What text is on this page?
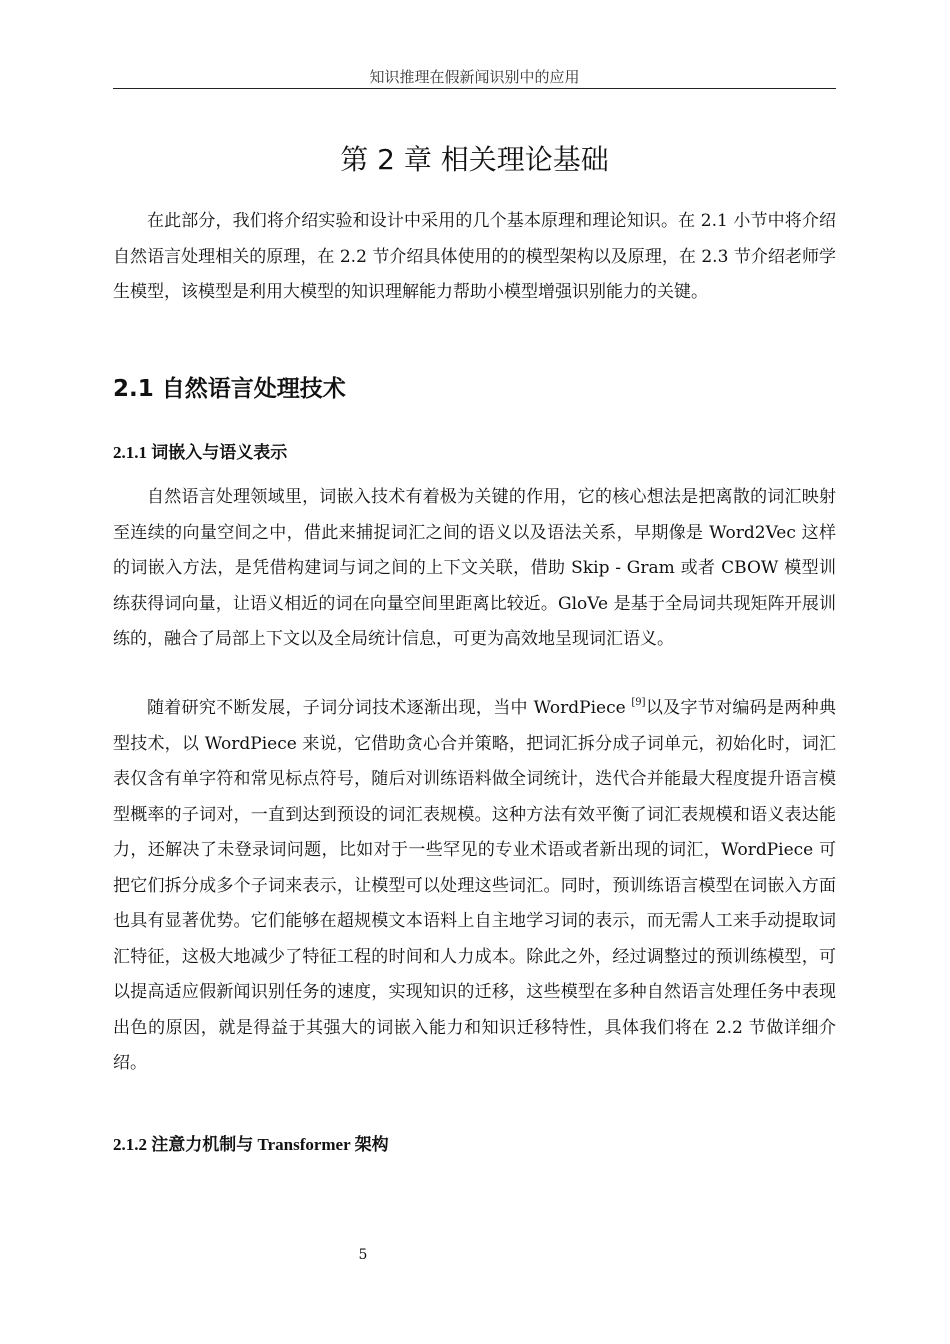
知识推理在假新闻识别中的应用
第 2 章 相关理论基础

在此部分，我们将介绍实验和设计中采用的几个基本原理和理论知识。在 2.1 小节中将介绍自然语言处理相关的原理，在 2.2 节介绍具体使用的的模型架构以及原理，在 2.3 节介绍老师学生模型，该模型是利用大模型的知识理解能力帮助小模型增强识别能力的关键。

2.1 自然语言处理技术
2.1.1 词嵌入与语义表示

自然语言处理领域里，词嵌入技术有着极为关键的作用，它的核心想法是把离散的词汇映射至连续的向量空间之中，借此来捕捉词汇之间的语义以及语法关系，早期像是 Word2Vec 这样的词嵌入方法，是凭借构建词与词之间的上下文关联，借助 Skip - Gram 或者 CBOW 模型训练获得词向量，让语义相近的词在向量空间里距离比较近。GloVe 是基于全局词共现矩阵开展训练的，融合了局部上下文以及全局统计信息，可更为高效地呈现词汇语义。

随着研究不断发展，子词分词技术逐渐出现，当中 WordPiece [9]以及字节对编码是两种典型技术，以 WordPiece 来说，它借助贪心合并策略，把词汇拆分成子词单元，初始化时，词汇表仅含有单字符和常见标点符号，随后对训练语料做全词统计，迭代合并能最大程度提升语言模型概率的子词对，一直到达到预设的词汇表规模。这种方法有效平衡了词汇表规模和语义表达能力，还解决了未登录词问题，比如对于一些罕见的专业术语或者新出现的词汇，WordPiece 可把它们拆分成多个子词来表示，让模型可以处理这些词汇。同时，预训练语言模型在词嵌入方面也具有显著优势。它们能够在超规模文本语料上自主地学习词的表示，而无需人工来手动提取词汇特征，这极大地减少了特征工程的时间和人力成本。除此之外，经过调整过的预训练模型，可以提高适应假新闻识别任务的速度，实现知识的迁移，这些模型在多种自然语言处理任务中表现出色的原因，就是得益于其强大的词嵌入能力和知识迁移特性，具体我们将在 2.2 节做详细介绍。

2.1.2 注意力机制与 Transformer 架构
5
